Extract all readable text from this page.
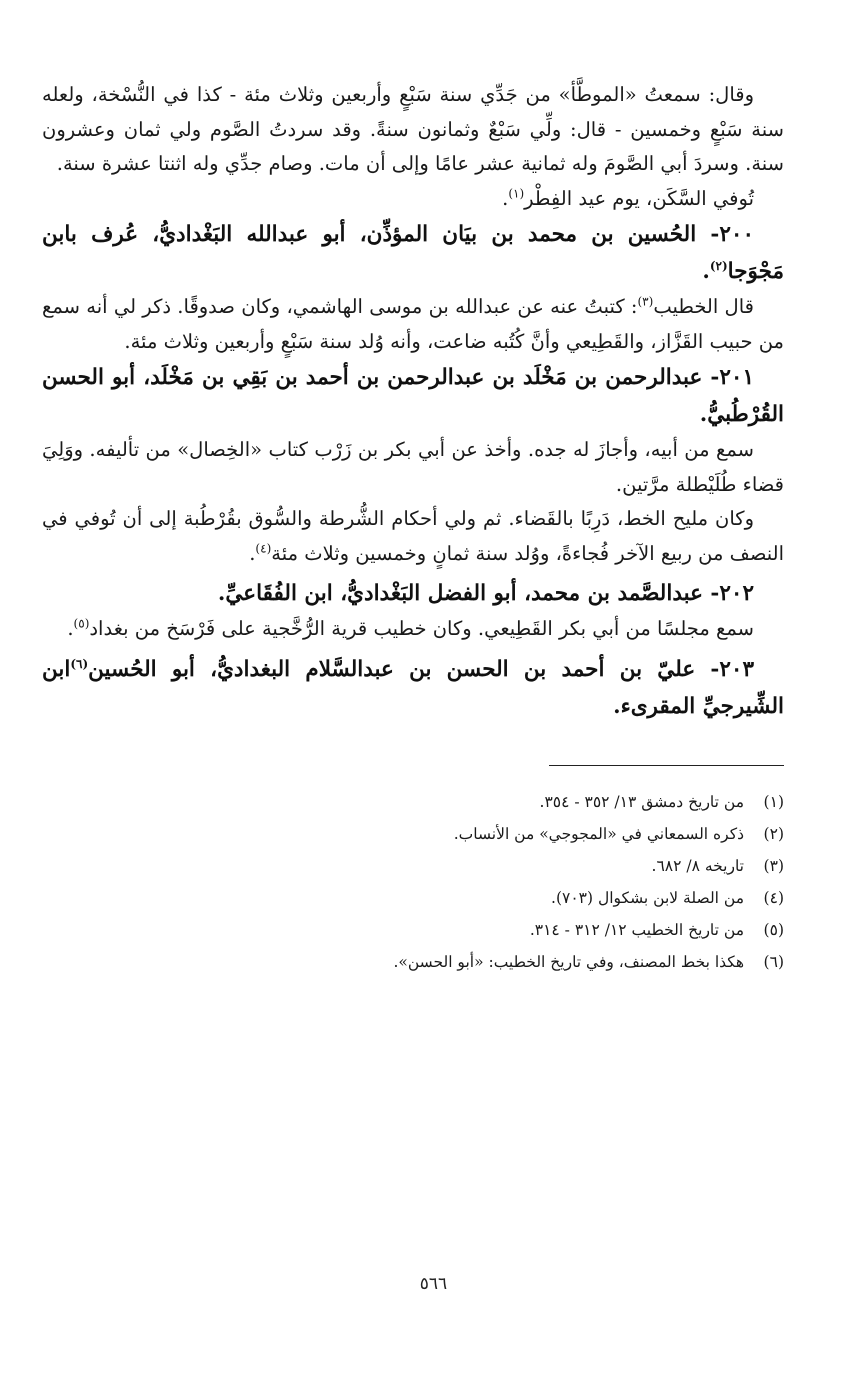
وقال: سمعتُ «الموطَّأ» من جَدِّي سنة سَبْعٍ وأربعين وثلاث مئة - كذا في النُّسْخة، ولعله سنة سَبْعٍ وخمسين - قال: ولِّي سَبْعٌ وثمانون سنةً. وقد سردتُ الصَّوم ولي ثمان وعشرون سنة. وسردَ أبي الصَّومَ وله ثمانية عشر عامًا وإلى أن مات. وصام جدِّي وله اثنتا عشرة سنة.

تُوفي السَّكَن، يوم عيد الفِطْر$^{(١)}$.

٢٠٠- الحُسين بن محمد بن بيَان المؤذِّن، أبو عبدالله البَغْداديُّ، عُرف بابن مَجْوَجا$^{(٢)}$.

قال الخطيب$^{(٣)}$: كتبتُ عنه عن عبدالله بن موسى الهاشمي، وكان صدوقًا. ذكر لي أنه سمع من حبيب القَزَّاز، والقَطِيعي وأنَّ كُتُبه ضاعت، وأنه وُلد سنة سَبْعٍ وأربعين وثلاث مئة.

٢٠١- عبدالرحمن بن مَخْلَد بن عبدالرحمن بن أحمد بن بَقِي بن مَخْلَد، أبو الحسن القُرْطُبيُّ.

سمع من أبيه، وأجازَ له جده. وأخذ عن أبي بكر بن زَرْب كتاب «الخِصال» من تأليفه. ووَلِيَ قضاء طُلَيْطلة مرَّتين.

وكان مليح الخط، دَرِبًا بالقَضاء. ثم ولي أحكام الشُّرطة والسُّوق بقُرْطُبة إلى أن تُوفي في النصف من ربيع الآخر فُجاءةً، ووُلد سنة ثمانٍ وخمسين وثلاث مئة$^{(٤)}$.

٢٠٢- عبدالصَّمد بن محمد، أبو الفضل البَغْداديُّ، ابن الفُقَاعيِّ.

سمع مجلسًا من أبي بكر القَطِيعي. وكان خطيب قرية الرُّخَّجية على فَرْسَخ من بغداد$^{(٥)}$.

٢٠٣- عليّ بن أحمد بن الحسن بن عبدالسَّلام البغداديُّ، أبو الحُسين$^{(٦)}$ابن الشِّيرجيِّ المقرىء.

(١)
من تاريخ دمشق ١٣/ ٣٥٢ - ٣٥٤.

(٢)
ذكره السمعاني في «المجوجي» من الأنساب.

(٣)
تاريخه ٨/ ٦٨٢.

(٤)
من الصلة لابن بشكوال (٧٠٣).

(٥)
من تاريخ الخطيب ١٢/ ٣١٢ - ٣١٤.

(٦)
هكذا بخط المصنف، وفي تاريخ الخطيب: «أبو الحسن».

٥٦٦
